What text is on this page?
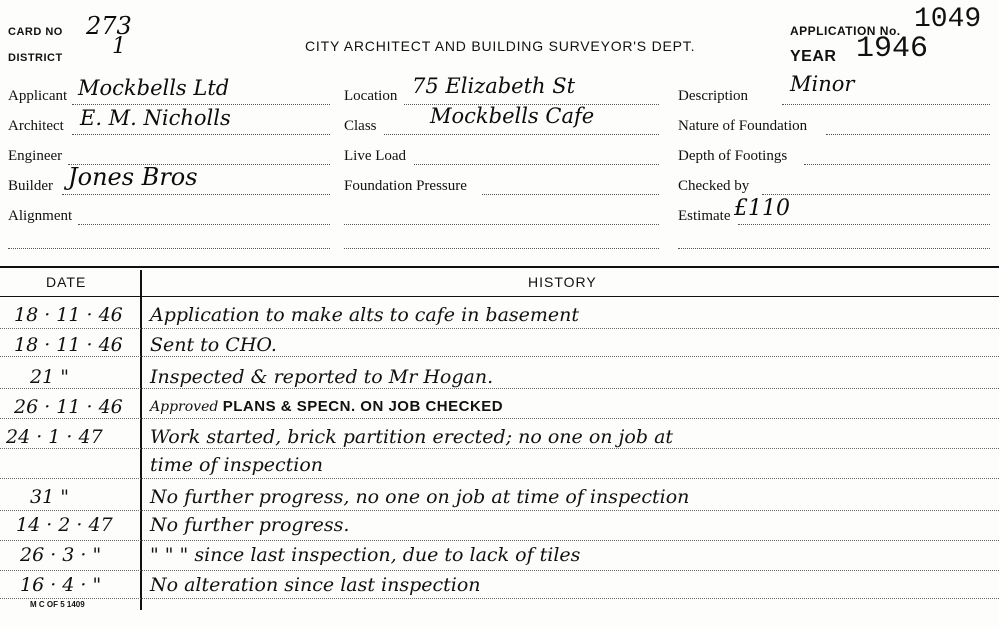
CARD NO 273
DISTRICT 1	CITY ARCHITECT AND BUILDING SURVEYOR'S DEPT.
APPLICATION No. 1049
YEAR 1946
Applicant Mockbells Ltd
Architect E. M. Nicholls
Engineer
Builder Jones Bros
Alignment
Location 75 Elizabeth St
Class	Mockbells Cafe
Live Load
Foundation Pressure
Description Minor
Nature of Foundation
Depth of Footings
Checked by
Estimate £110
DATE	HISTORY
18 · 11 · 46 Application to make alts to cafe in basement
18 · 11 · 46 Sent to CHO.
21 "	Inspected & reported to Mr Hogan.
26 · 11 · 46 Approved PLANS & SPECN. ON JOB CHECKED
24 · 1 · 47 Work started, brick partition erected; no one on job at
time of inspection
31 "	No further progress, no one on job at time of inspection
14 · 2 · 47 No further progress.
26 · 3 · "	" " " since last inspection, due to lack of tiles
16 · 4 · "	No alteration since last inspection
M C OF 5 1409
